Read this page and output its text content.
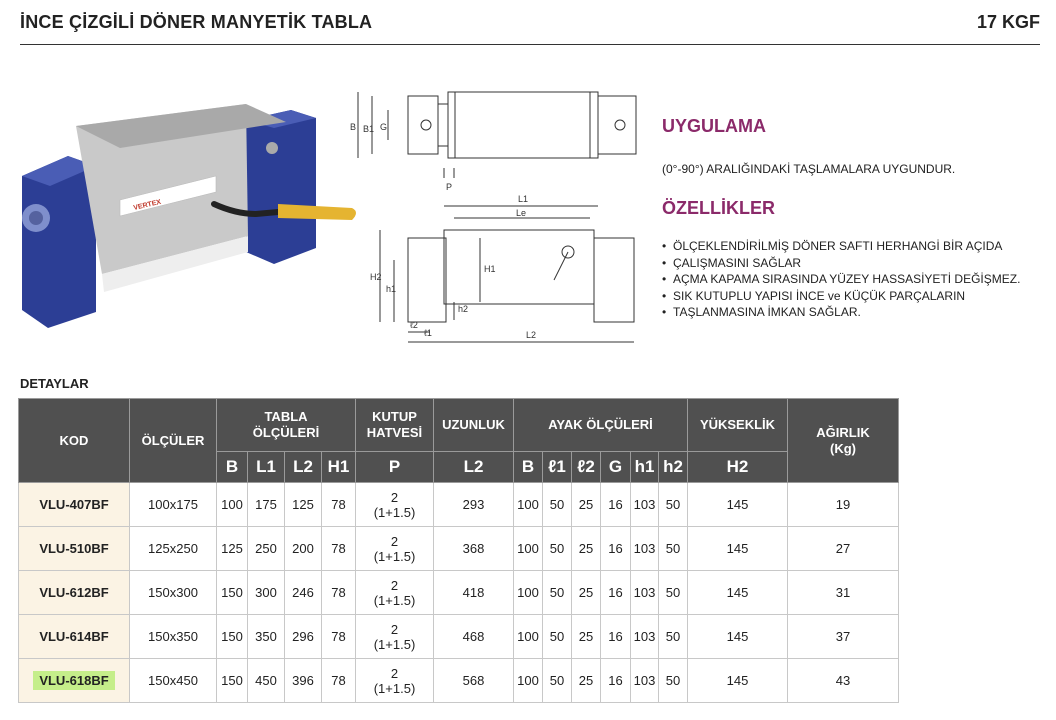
İNCE ÇİZGİLİ DÖNER MANYETİK TABLA	17 KGF
VERTEX
B B1 G
P
L1
Le
H2
H1
h1
h2
ℓ2
ℓ1	L2
UYGULAMA
(0°-90°) ARALIĞINDAKİ TAŞLAMALARA UYGUNDUR.
ÖZELLİKLER
• ÖLÇEKLENDİRİLMİŞ DÖNER SAFTI HERHANGİ BİR AÇIDA
• ÇALIŞMASINI SAĞLAR
• AÇMA KAPAMA SIRASINDA YÜZEY HASSASİYETİ DEĞİŞMEZ.
• SIK KUTUPLU YAPISI İNCE ve KÜÇÜK PARÇALARIN
• TAŞLANMASINA İMKAN SAĞLAR.
DETAYLAR
KOD	ÖLÇÜLER	TABLA
ÖLÇÜLERİ				KUTUP
HATVESİ	UZUNLUK	AYAK ÖLÇÜLERİ						YÜKSEKLİK	AĞIRLIK
(Kg)
		B	L1	L2	H1	P	L2	B	ℓ1	ℓ2	G	h1	h2	H2	
VLU-407BF	100x175	100	175	125	78	2
(1+1.5)	293	100	50	25	16	103	50	145	19
VLU-510BF	125x250	125	250	200	78	2
(1+1.5)	368	100	50	25	16	103	50	145	27
VLU-612BF	150x300	150	300	246	78	2
(1+1.5)	418	100	50	25	16	103	50	145	31
VLU-614BF	150x350	150	350	296	78	2
(1+1.5)	468	100	50	25	16	103	50	145	37
VLU-618BF	150x450	150	450	396	78	2
(1+1.5)	568	100	50	25	16	103	50	145	43
